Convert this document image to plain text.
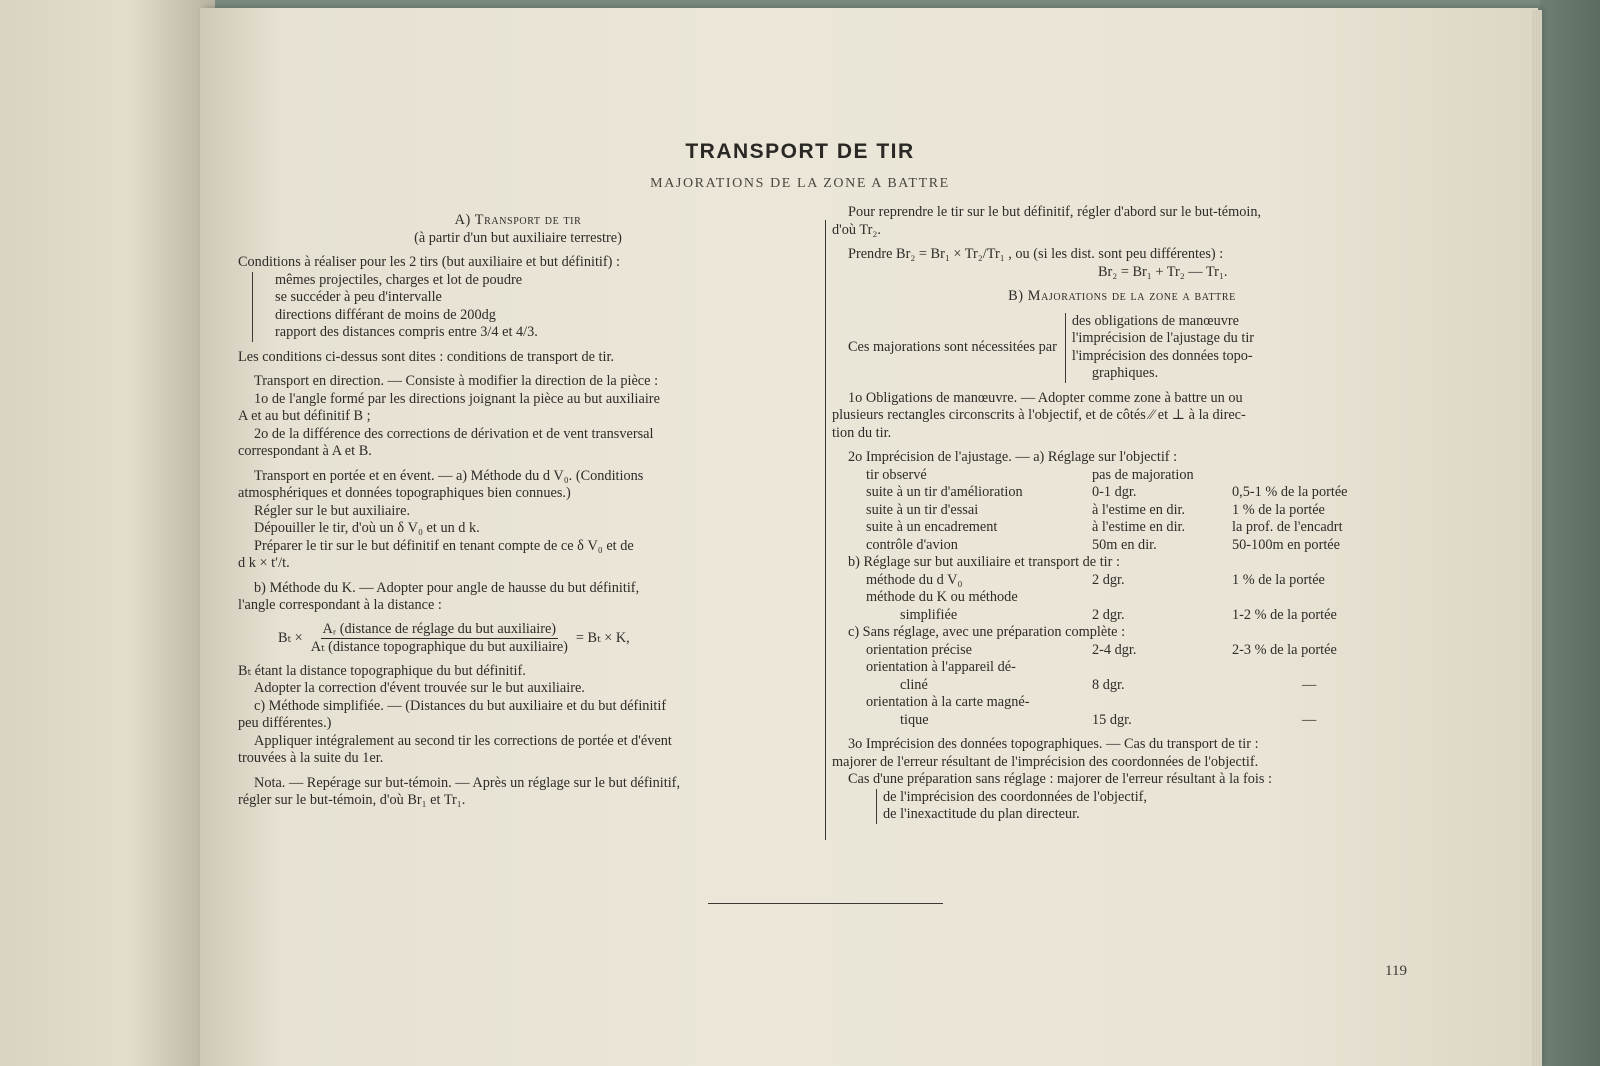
TRANSPORT DE TIR
MAJORATIONS DE LA ZONE A BATTRE
A) Transport de tir
(à partir d'un but auxiliaire terrestre)
Conditions à réaliser pour les 2 tirs (but auxiliaire et but définitif) :
mêmes projectiles, charges et lot de poudre
se succéder à peu d'intervalle
directions différant de moins de 200dg
rapport des distances compris entre 3/4 et 4/3.
Les conditions ci-dessus sont dites : conditions de transport de tir.
Transport en direction. — Consiste à modifier la direction de la pièce :
1o de l'angle formé par les directions joignant la pièce au but auxiliaire
A et au but définitif B ;
2o de la différence des corrections de dérivation et de vent transversal
correspondant à A et B.
Transport en portée et en évent. — a) Méthode du d V₀. (Conditions
atmosphériques et données topographiques bien connues.)
Régler sur le but auxiliaire.
Dépouiller le tir, d'où un δ V₀ et un d k.
Préparer le tir sur le but définitif en tenant compte de ce δ V₀ et de
d k × t′/t.
b) Méthode du K. — Adopter pour angle de hausse du but définitif,
l'angle correspondant à la distance :
$B_t \times \frac{\text{Aᵣ (distance de réglage du but auxiliaire)}}{\text{Aₜ (distance topographique du but auxiliaire)}} = B_t \times K$,
Bₜ étant la distance topographique du but définitif.
Adopter la correction d'évent trouvée sur le but auxiliaire.
c) Méthode simplifiée. — (Distances du but auxiliaire et du but définitif
peu différentes.)
Appliquer intégralement au second tir les corrections de portée et d'évent
trouvées à la suite du 1er.
Nota. — Repérage sur but-témoin. — Après un réglage sur le but définitif,
régler sur le but-témoin, d'où Br₁ et Tr₁.
Pour reprendre le tir sur le but définitif, régler d'abord sur le but-témoin,
d'où Tr₂.
Prendre Br₂ = Br₁ × Tr₂/Tr₁ , ou (si les dist. sont peu différentes) :
Br₂ = Br₁ + Tr₂ — Tr₁.
B) Majorations de la zone a battre
Ces majorations sont nécessitées par
des obligations de manœuvre
l'imprécision de l'ajustage du tir
l'imprécision des données topo-
graphiques.
1o Obligations de manœuvre. — Adopter comme zone à battre un ou
plusieurs rectangles circonscrits à l'objectif, et de côtés ⁄⁄ et ⊥ à la direc-
tion du tir.
2o Imprécision de l'ajustage. — a) Réglage sur l'objectif :
tir observé	pas de majoration
suite à un tir d'amélioration	0-1 dgr.	0,5-1 % de la portée
suite à un tir d'essai	à l'estime en dir.	1 % de la portée
suite à un encadrement	à l'estime en dir.	la prof. de l'encadrt
contrôle d'avion	50m en dir.	50-100m en portée
b) Réglage sur but auxiliaire et transport de tir :
méthode du d V₀	2 dgr.	1 % de la portée
méthode du K ou méthode
simplifiée	2 dgr.	1-2 % de la portée
c) Sans réglage, avec une préparation complète :
orientation précise	2-4 dgr.	2-3 % de la portée
orientation à l'appareil dé-
cliné	8 dgr.	—
orientation à la carte magné-
tique	15 dgr.	—
3o Imprécision des données topographiques. — Cas du transport de tir :
majorer de l'erreur résultant de l'imprécision des coordonnées de l'objectif.
Cas d'une préparation sans réglage : majorer de l'erreur résultant à la fois :
de l'imprécision des coordonnées de l'objectif,
de l'inexactitude du plan directeur.
119
